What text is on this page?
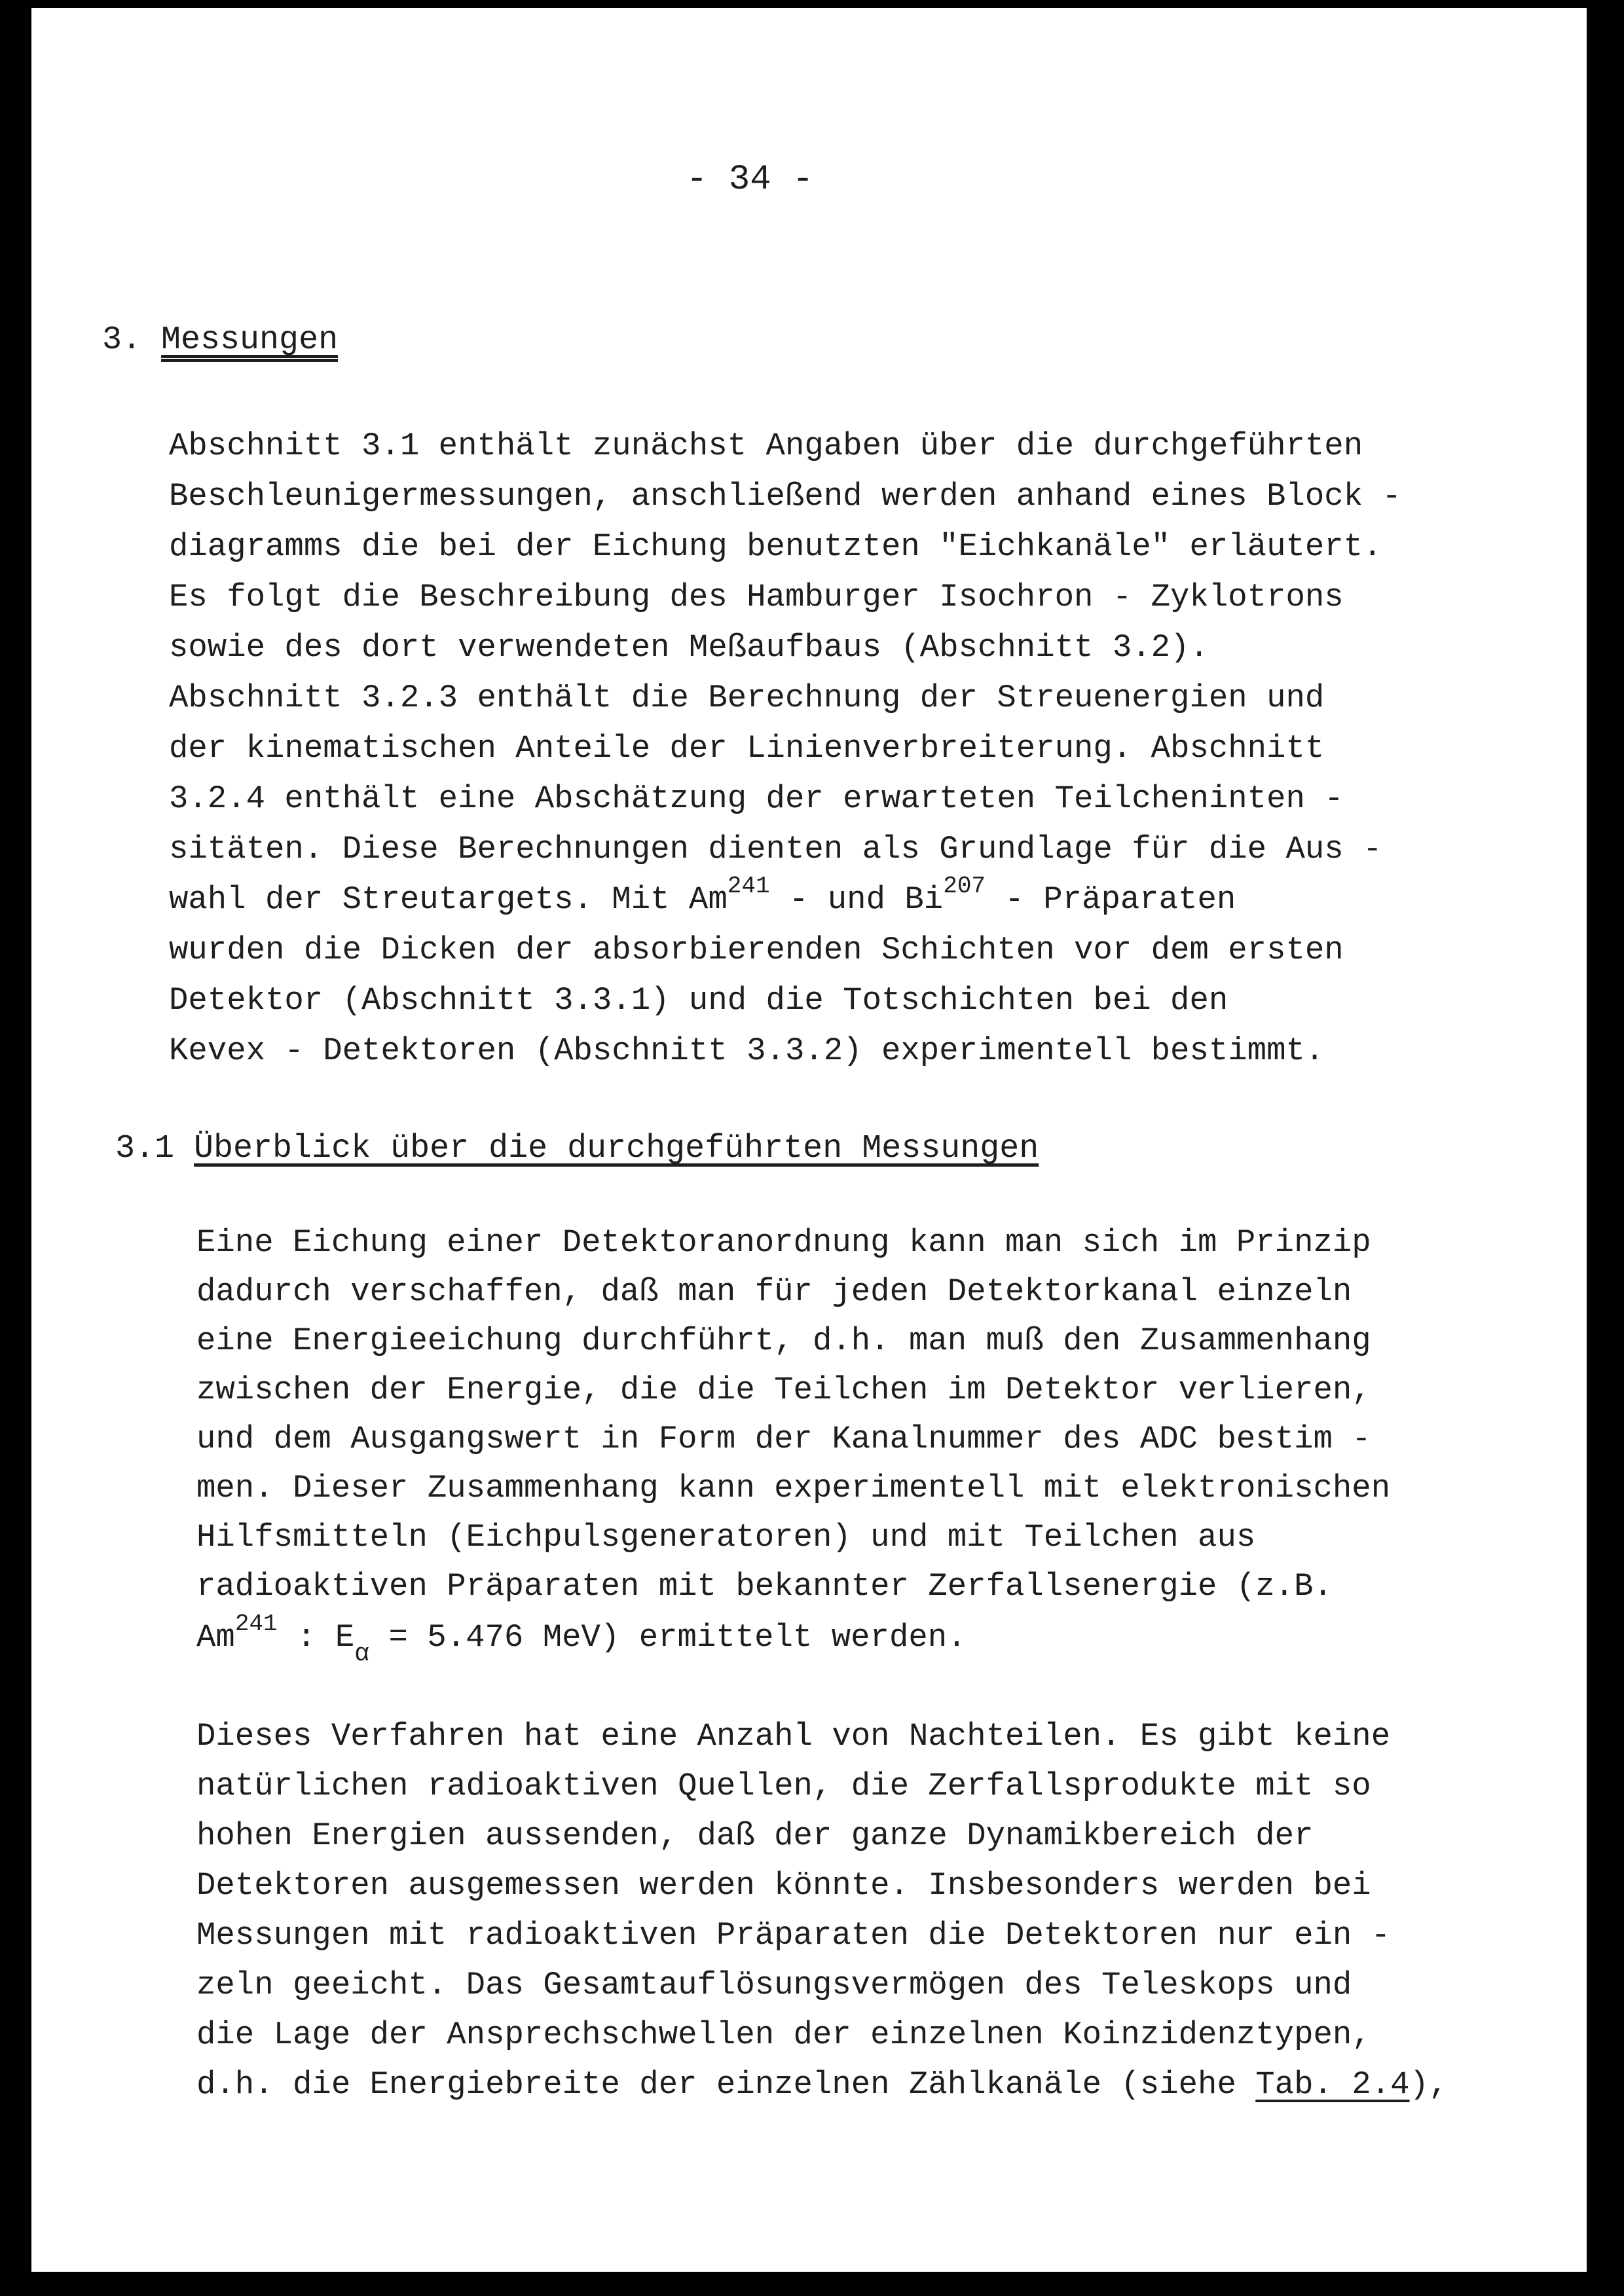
- 34 -
3. Messungen
Abschnitt 3.1 enthält zunächst Angaben über die durchgeführten
Beschleunigermessungen, anschließend werden anhand eines Block -
diagramms die bei der Eichung benutzten "Eichkanäle" erläutert.
Es folgt die Beschreibung des Hamburger Isochron - Zyklotrons
sowie des dort verwendeten Meßaufbaus (Abschnitt 3.2).
Abschnitt 3.2.3 enthält die Berechnung der Streuenergien und
der kinematischen Anteile der Linienverbreiterung. Abschnitt
3.2.4 enthält eine Abschätzung der erwarteten Teilcheninten -
sitäten. Diese Berechnungen dienten als Grundlage für die Aus -
wahl der Streutargets. Mit Am$^{241}$ - und Bi$^{207}$ - Präparaten
wurden die Dicken der absorbierenden Schichten vor dem ersten
Detektor (Abschnitt 3.3.1) und die Totschichten bei den
Kevex - Detektoren (Abschnitt 3.3.2) experimentell bestimmt.
3.1 Überblick über die durchgeführten Messungen
Eine Eichung einer Detektoranordnung kann man sich im Prinzip
dadurch verschaffen, daß man für jeden Detektorkanal einzeln
eine Energieeichung durchführt, d.h. man muß den Zusammenhang
zwischen der Energie, die die Teilchen im Detektor verlieren,
und dem Ausgangswert in Form der Kanalnummer des ADC bestim -
men. Dieser Zusammenhang kann experimentell mit elektronischen
Hilfsmitteln (Eichpulsgeneratoren) und mit Teilchen aus
radioaktiven Präparaten mit bekannter Zerfallsenergie (z.B.
Am$^{241}$ : $E_\alpha = 5.476$ MeV) ermittelt werden.
Dieses Verfahren hat eine Anzahl von Nachteilen. Es gibt keine
natürlichen radioaktiven Quellen, die Zerfallsprodukte mit so
hohen Energien aussenden, daß der ganze Dynamikbereich der
Detektoren ausgemessen werden könnte. Insbesonders werden bei
Messungen mit radioaktiven Präparaten die Detektoren nur ein -
zeln geeicht. Das Gesamtauflösungsvermögen des Teleskops und
die Lage der Ansprechschwellen der einzelnen Koinzidenztypen,
d.h. die Energiebreite der einzelnen Zählkanäle (siehe Tab. 2.4),
